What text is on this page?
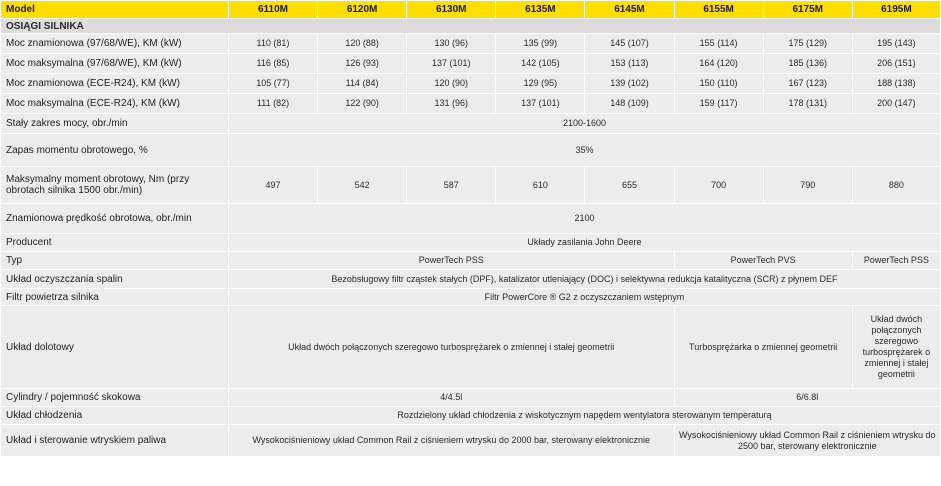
Model	6110M	6120M	6130M	6135M	6145M	6155M	6175M	6195M
OSIĄGI SILNIKA								
Moc znamionowa (97/68/WE), KM (kW)	110 (81)	120 (88)	130 (96)	135 (99)	145 (107)	155 (114)	175 (129)	195 (143)
Moc maksymalna (97/68/WE), KM (kW)	116 (85)	126 (93)	137 (101)	142 (105)	153 (113)	164 (120)	185 (136)	206 (151)
Moc znamionowa (ECE-R24), KM (kW)	105 (77)	114 (84)	120 (90)	129 (95)	139 (102)	150 (110)	167 (123)	188 (138)
Moc maksymalna (ECE-R24), KM (kW)	111 (82)	122 (90)	131 (96)	137 (101)	148 (109)	159 (117)	178 (131)	200 (147)
Stały zakres mocy, obr./min	2100-1600							
Zapas momentu obrotowego, %	35%							
Maksymalny moment obrotowy, Nm (przy obrotach silnika 1500 obr./min)	497	542	587	610	655	700	790	880
Znamionowa prędkość obrotowa, obr./min	2100							
Producent	Układy zasilania John Deere							
Typ	PowerTech PSS					PowerTech PVS		PowerTech PSS
Układ oczyszczania spalin	Bezobsługowy filtr cząstek stałych (DPF), katalizator utleniający (DOC) i selektywna redukcja katalityczna (SCR) z płynem DEF							
Filtr powietrza silnika	Filtr PowerCore ® G2 z oczyszczaniem wstępnym							
Układ dolotowy	Układ dwóch połączonych szeregowo turbosprężarek o zmiennej i stałej geometrii					Turbosprężarka o zmiennej geometrii		Układ dwóch połączonych szeregowo turbosprężarek o zmiennej i stałej geometrii
Cylindry / pojemność skokowa	4/4.5l					6/6.8l		
Układ chłodzenia	Rozdzielony układ chłodzenia z wiskotycznym napędem wentylatora sterowanym temperaturą							
Układ i sterowanie wtryskiem paliwa	Wysokociśnieniowy układ Common Rail z ciśnieniem wtrysku do 2000 bar, sterowany elektronicznie					Wysokociśnieniowy układ Common Rail z ciśnieniem wtrysku do 2500 bar, sterowany elektronicznie		
